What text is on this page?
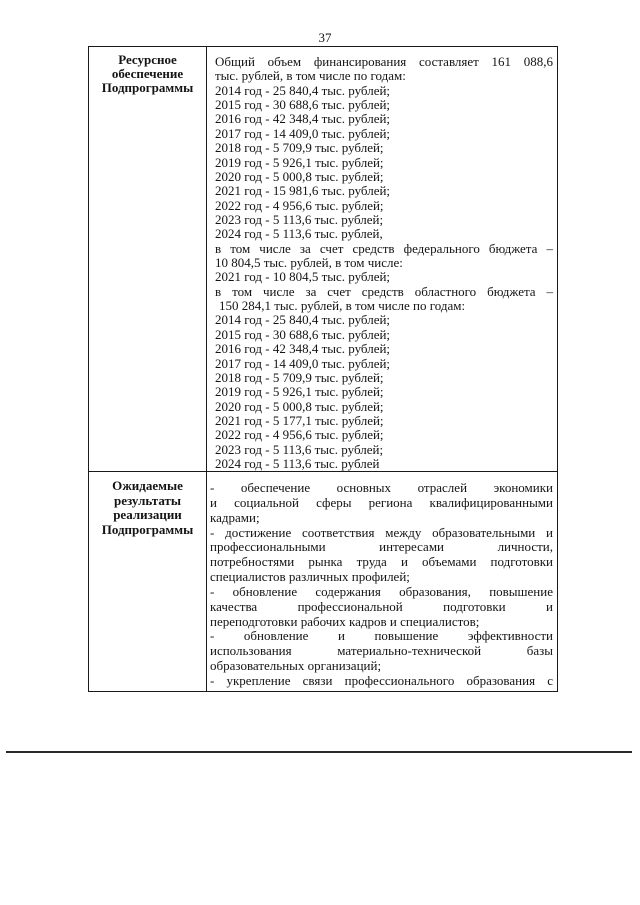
37
Ресурсное
обеспечение
Подпрограммы
Общий объем финансирования составляет 161 088,6
тыс. рублей, в том числе по годам:
2014 год - 25 840,4 тыс. рублей;
2015 год - 30 688,6 тыс. рублей;
2016 год - 42 348,4 тыс. рублей;
2017 год - 14 409,0 тыс. рублей;
2018 год - 5 709,9 тыс. рублей;
2019 год - 5 926,1 тыс. рублей;
2020 год - 5 000,8 тыс. рублей;
2021 год - 15 981,6 тыс. рублей;
2022 год - 4 956,6 тыс. рублей;
2023 год - 5 113,6 тыс. рублей;
2024 год - 5 113,6 тыс. рублей,
в том числе за счет средств федерального бюджета –
10 804,5 тыс. рублей, в том числе:
2021 год - 10 804,5 тыс. рублей;
в том числе за счет средств областного бюджета –
150 284,1 тыс. рублей, в том числе по годам:
2014 год - 25 840,4 тыс. рублей;
2015 год - 30 688,6 тыс. рублей;
2016 год - 42 348,4 тыс. рублей;
2017 год - 14 409,0 тыс. рублей;
2018 год - 5 709,9 тыс. рублей;
2019 год - 5 926,1 тыс. рублей;
2020 год - 5 000,8 тыс. рублей;
2021 год - 5 177,1 тыс. рублей;
2022 год - 4 956,6 тыс. рублей;
2023 год - 5 113,6 тыс. рублей;
2024 год - 5 113,6 тыс. рублей
Ожидаемые
результаты
реализации
Подпрограммы
- обеспечение основных отраслей экономики
и социальной сферы региона квалифицированными
кадрами;
- достижение соответствия между образовательными и
профессиональными интересами личности,
потребностями рынка труда и объемами подготовки
специалистов различных профилей;
- обновление содержания образования, повышение
качества профессиональной подготовки и
переподготовки рабочих кадров и специалистов;
- обновление и повышение эффективности
использования материально-технической базы
образовательных организаций;
- укрепление связи профессионального образования с
